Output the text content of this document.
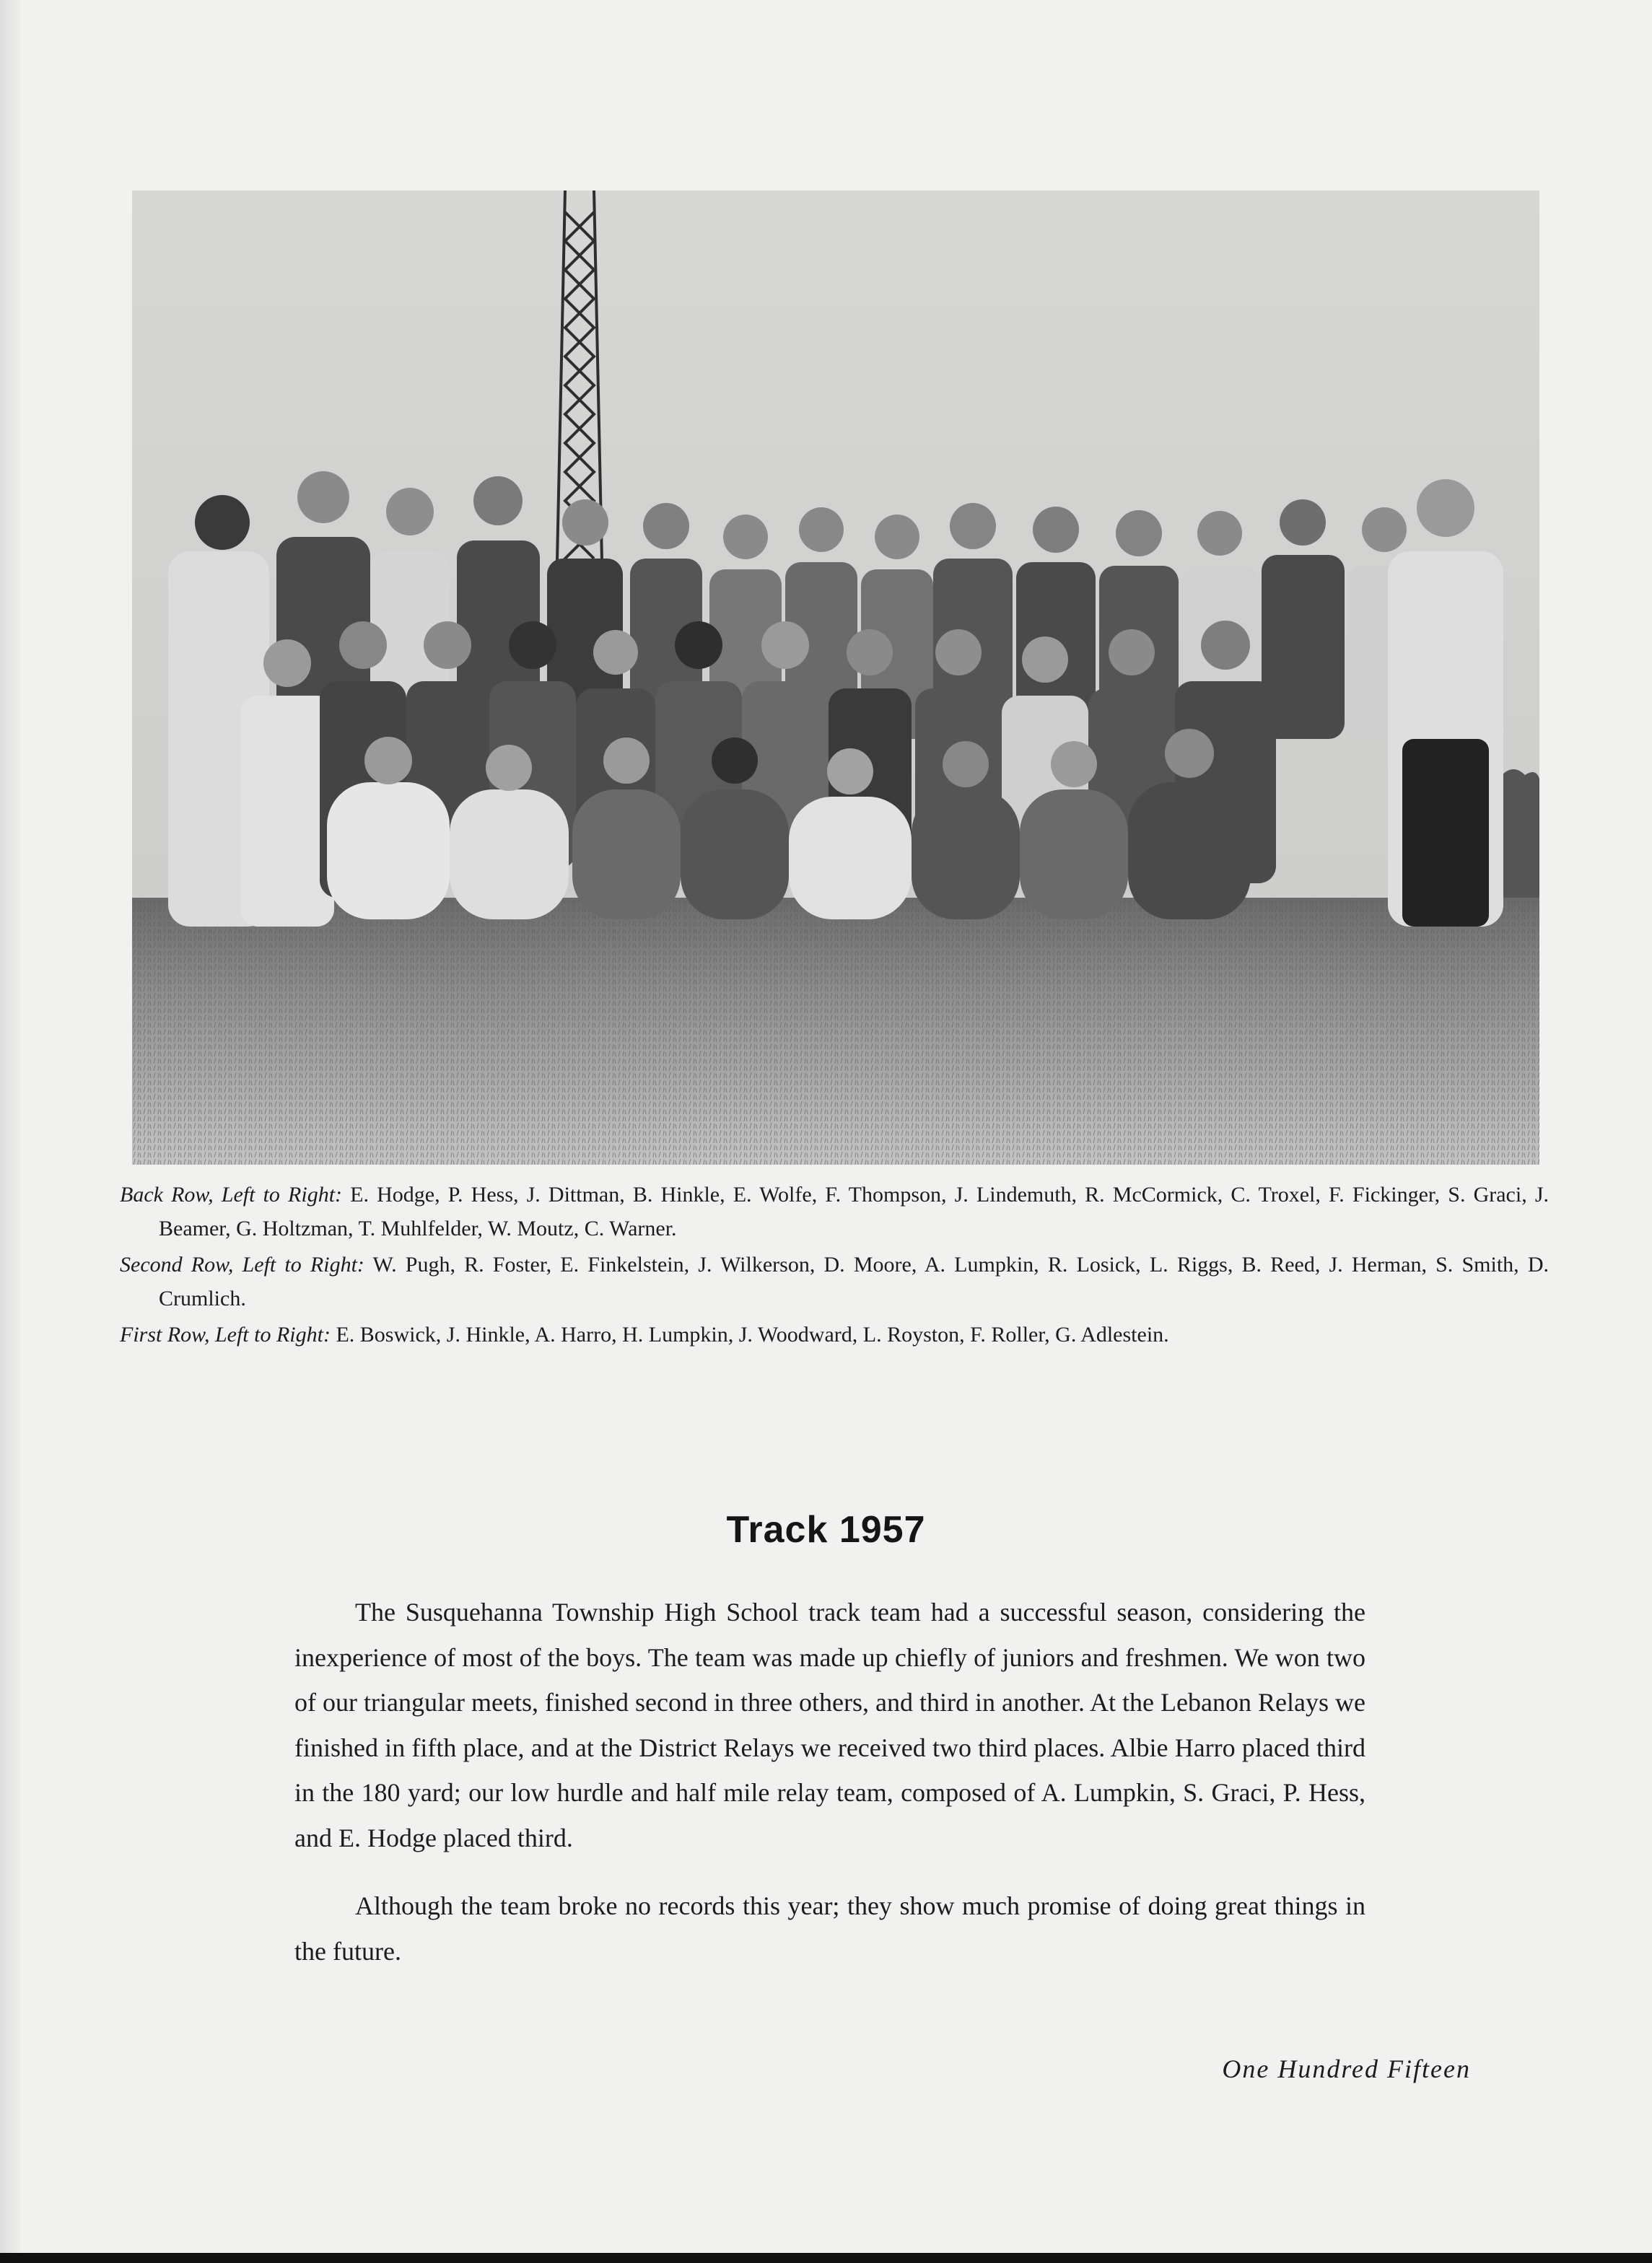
Back Row, Left to Right: E. Hodge, P. Hess, J. Dittman, B. Hinkle, E. Wolfe, F. Thompson, J. Lindemuth, R. McCormick, C. Troxel, F. Fickinger, S. Graci, J. Beamer, G. Holtzman, T. Muhlfelder, W. Moutz, C. Warner.

Second Row, Left to Right: W. Pugh, R. Foster, E. Finkelstein, J. Wilkerson, D. Moore, A. Lumpkin, R. Losick, L. Riggs, B. Reed, J. Herman, S. Smith, D. Crumlich.

First Row, Left to Right: E. Boswick, J. Hinkle, A. Harro, H. Lumpkin, J. Woodward, L. Royston, F. Roller, G. Adlestein.

Track 1957

The Susquehanna Township High School track team had a successful season, considering the inexperience of most of the boys. The team was made up chiefly of juniors and freshmen. We won two of our triangular meets, finished second in three others, and third in another. At the Lebanon Relays we finished in fifth place, and at the District Relays we received two third places. Albie Harro placed third in the 180 yard; our low hurdle and half mile relay team, composed of A. Lumpkin, S. Graci, P. Hess, and E. Hodge placed third.

Although the team broke no records this year; they show much promise of doing great things in the future.

One Hundred Fifteen
